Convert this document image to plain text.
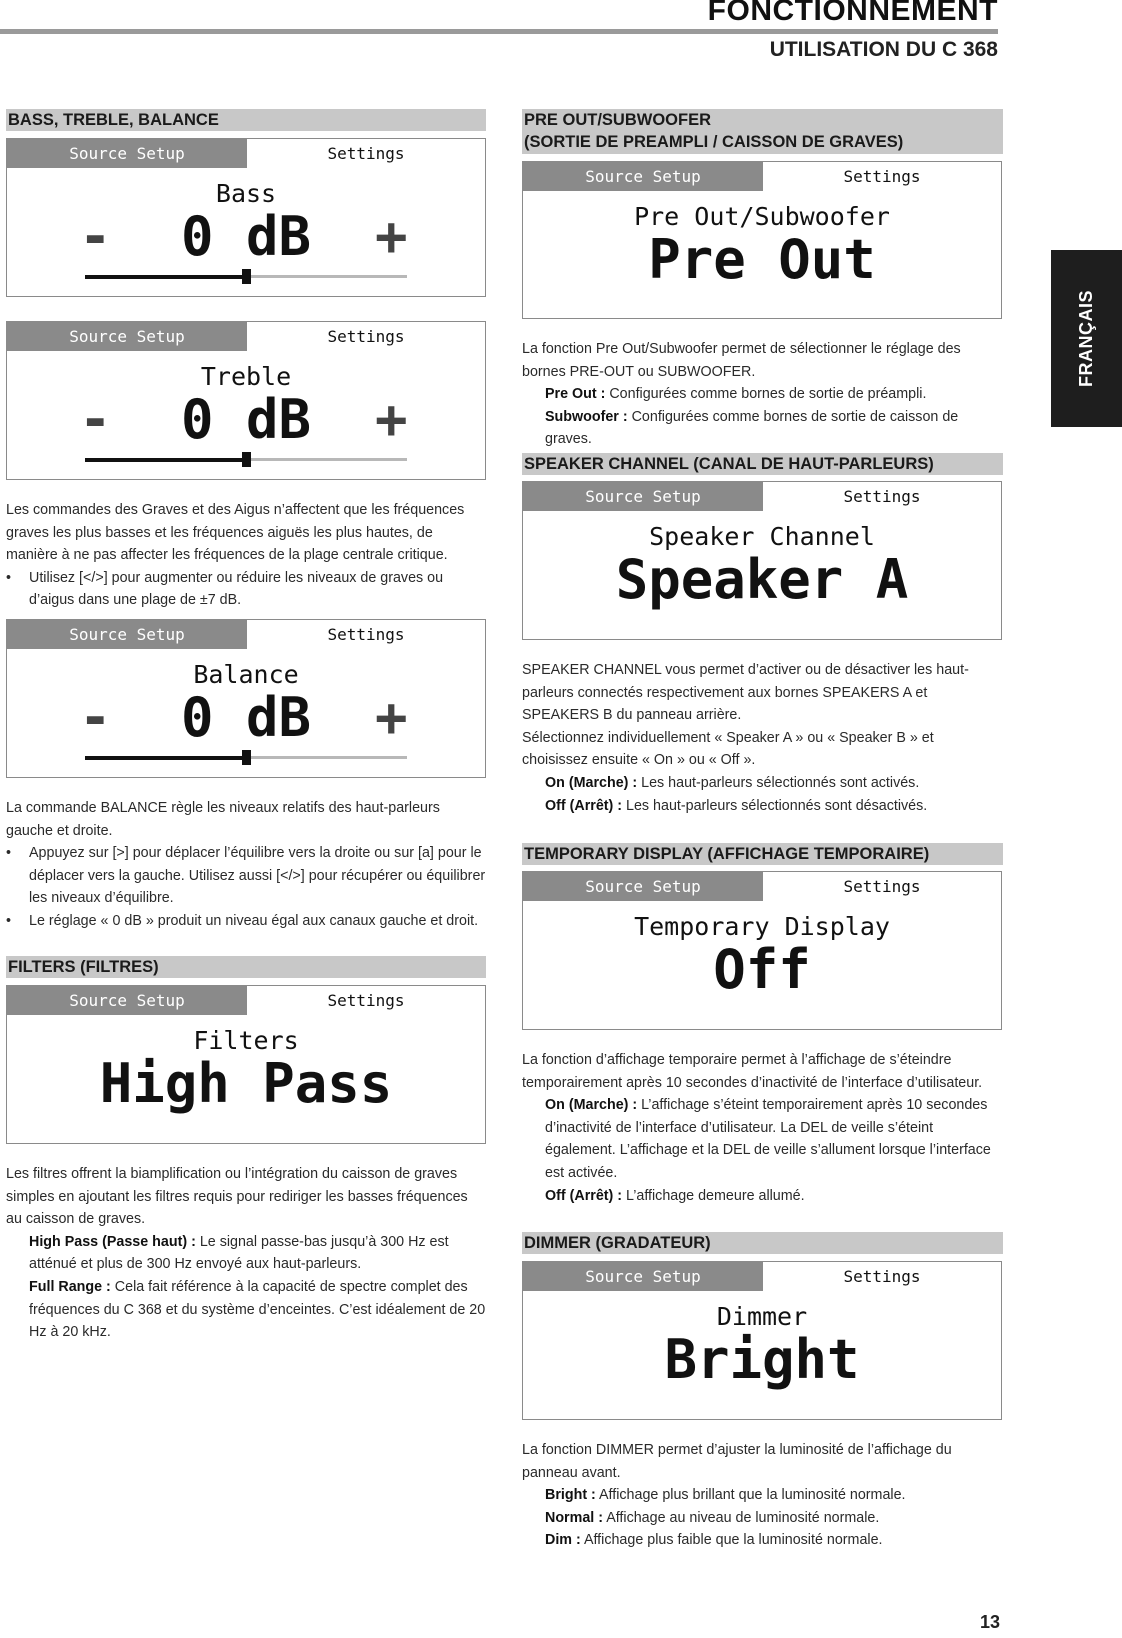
FONCTIONNEMENT
UTILISATION DU C 368
FRANÇAIS
BASS, TREBLE, BALANCE
Source Setup	Settings
Bass
-	0 dB	+
Source Setup	Settings
Treble
-	0 dB	+

Les commandes des Graves et des Aigus n’affectent que les fréquences graves les plus basses et les fréquences aiguës les plus hautes, de manière à ne pas affecter les fréquences de la plage centrale critique.

• Utilisez [</>] pour augmenter ou réduire les niveaux de graves ou d’aigus dans une plage de ±7 dB.

Source Setup	Settings
Balance
-	0 dB	+

La commande BALANCE règle les niveaux relatifs des haut-parleurs gauche et droite.

• Appuyez sur [>] pour déplacer l’équilibre vers la droite ou sur [a] pour le déplacer vers la gauche. Utilisez aussi [</>] pour récupérer ou équilibrer les niveaux d’équilibre.

• Le réglage « 0 dB » produit un niveau égal aux canaux gauche et droit.

FILTERS (FILTRES)
Source Setup	Settings
Filters
High Pass

Les filtres offrent la biamplification ou l’intégration du caisson de graves simples en ajoutant les filtres requis pour rediriger les basses fréquences au caisson de graves.

High Pass (Passe haut) : Le signal passe-bas jusqu’à 300 Hz est atténué et plus de 300 Hz envoyé aux haut-parleurs.

Full Range : Cela fait référence à la capacité de spectre complet des fréquences du C 368 et du système d’enceintes. C’est idéalement de 20 Hz à 20 kHz.

PRE OUT/SUBWOOFER
(SORTIE DE PREAMPLI / CAISSON DE GRAVES)
Source Setup	Settings
Pre Out/Subwoofer
Pre Out

La fonction Pre Out/Subwoofer permet de sélectionner le réglage des bornes PRE-OUT ou SUBWOOFER.

Pre Out : Configurées comme bornes de sortie de préampli.

Subwoofer : Configurées comme bornes de sortie de caisson de graves.

SPEAKER CHANNEL (CANAL DE HAUT-PARLEURS)
Source Setup	Settings
Speaker Channel
Speaker A

SPEAKER CHANNEL vous permet d’activer ou de désactiver les haut-parleurs connectés respectivement aux bornes SPEAKERS A et SPEAKERS B du panneau arrière.

Sélectionnez individuellement « Speaker A » ou « Speaker B » et choisissez ensuite « On » ou « Off ».

On (Marche) : Les haut-parleurs sélectionnés sont activés.

Off (Arrêt) : Les haut-parleurs sélectionnés sont désactivés.

TEMPORARY DISPLAY (AFFICHAGE TEMPORAIRE)
Source Setup	Settings
Temporary Display
Off

La fonction d’affichage temporaire permet à l’affichage de s’éteindre temporairement après 10 secondes d’inactivité de l’interface d’utilisateur.

On (Marche) : L’affichage s’éteint temporairement après 10 secondes d’inactivité de l’interface d’utilisateur. La DEL de veille s’éteint également. L’affichage et la DEL de veille s’allument lorsque l’interface est activée.

Off (Arrêt) : L’affichage demeure allumé.

DIMMER (GRADATEUR)
Source Setup	Settings
Dimmer
Bright

La fonction DIMMER permet d’ajuster la luminosité de l’affichage du panneau avant.

Bright : Affichage plus brillant que la luminosité normale.

Normal : Affichage au niveau de luminosité normale.

Dim : Affichage plus faible que la luminosité normale.

13
